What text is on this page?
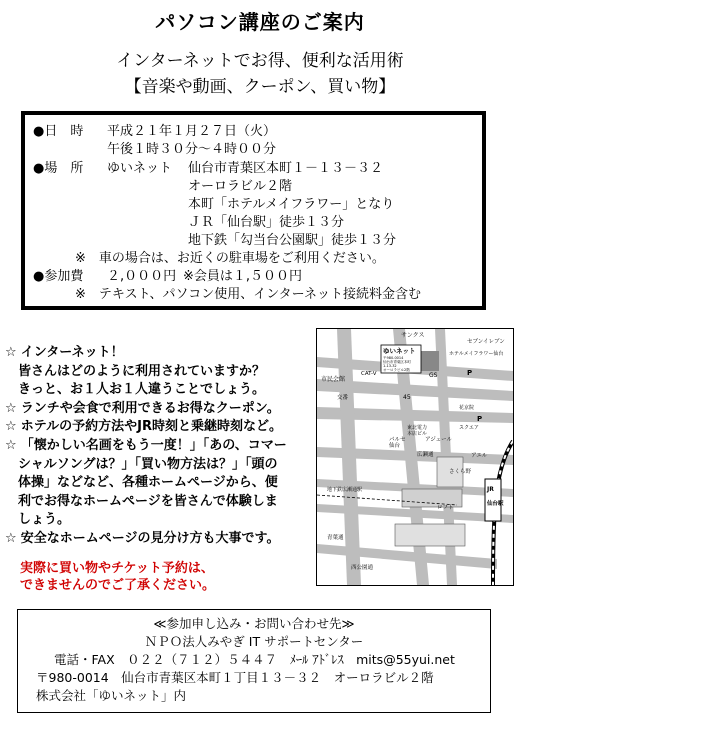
パソコン講座のご案内
インターネットでお得、便利な活用術
【音楽や動画、クーポン、買い物】
●日　時 平成２１年１月２７日（火）
午後１時３０分～４時００分
●場　所 ゆいネット 仙台市青葉区本町１－１３－３２
オーロラビル２階
本町「ホテルメイフラワー」となり
ＪＲ「仙台駅」徒歩１３分
地下鉄「勾当台公園駅」徒歩１３分
※　車の場合は、お近くの駐車場をご利用ください。
●参加費 ２,０００円 ※会員は１,５００円
※　テキスト、パソコン使用、インターネット接続料金含む
☆ インターネット！
　皆さんはどのように利用されていますか？
　きっと、お１人お１人違うことでしょう。
☆ ランチや会食で利用できるお得なクーポン。
☆ ホテルの予約方法やJR時刻と乗継時刻など。
☆ 「懐かしい名画をもう一度！」「あの、コマー
　シャルソングは？」「買い物方法は？」「頭の
　体操」などなど、各種ホームページから、便
　利でお得なホームページを皆さんで体験しま
　しょう。
☆ 安全なホームページの見分け方も大事です。
実際に買い物やチケット予約は、
できませんのでご了承ください。
サンクス
セブンイレブン
ゆいネット
〒980-0014
仙台市青葉区本町
1-13-32
オーロラビル2階
ホテルメイフラワー仙台
市民会館
CAT-V	GS
交番	45
東北電力
本店ビル
花京院
スクエア
P
P
パルセ
仙台
アジェール
広瀬通	アエル
さくら野
ロフト
JR
仙台駅
地下鉄広瀬通駅
青葉通
西公園通
≪参加申し込み・お問い合わせ先≫
ＮＰＯ法人みやぎ IT サポートセンター
電話・FAX　０２２（７１２）５４４７　ﾒｰﾙ ｱﾄﾞﾚｽ　mits@55yui.net
〒980-0014　仙台市青葉区本町１丁目１３－３２　オーロラビル２階
株式会社「ゆいネット」内
